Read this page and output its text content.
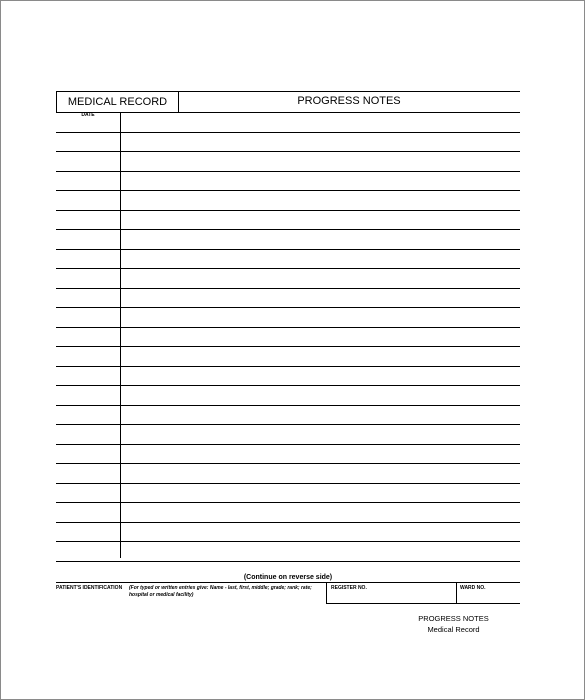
MEDICAL RECORD	PROGRESS NOTES
DATE
(Continue on reverse side)
PATIENT'S IDENTIFICATION	(For typed or written entries give: Name - last, first, middle; grade; rank; rate; hospital or medical facility)
REGISTER NO.	WARD NO.
PROGRESS NOTES
Medical Record
